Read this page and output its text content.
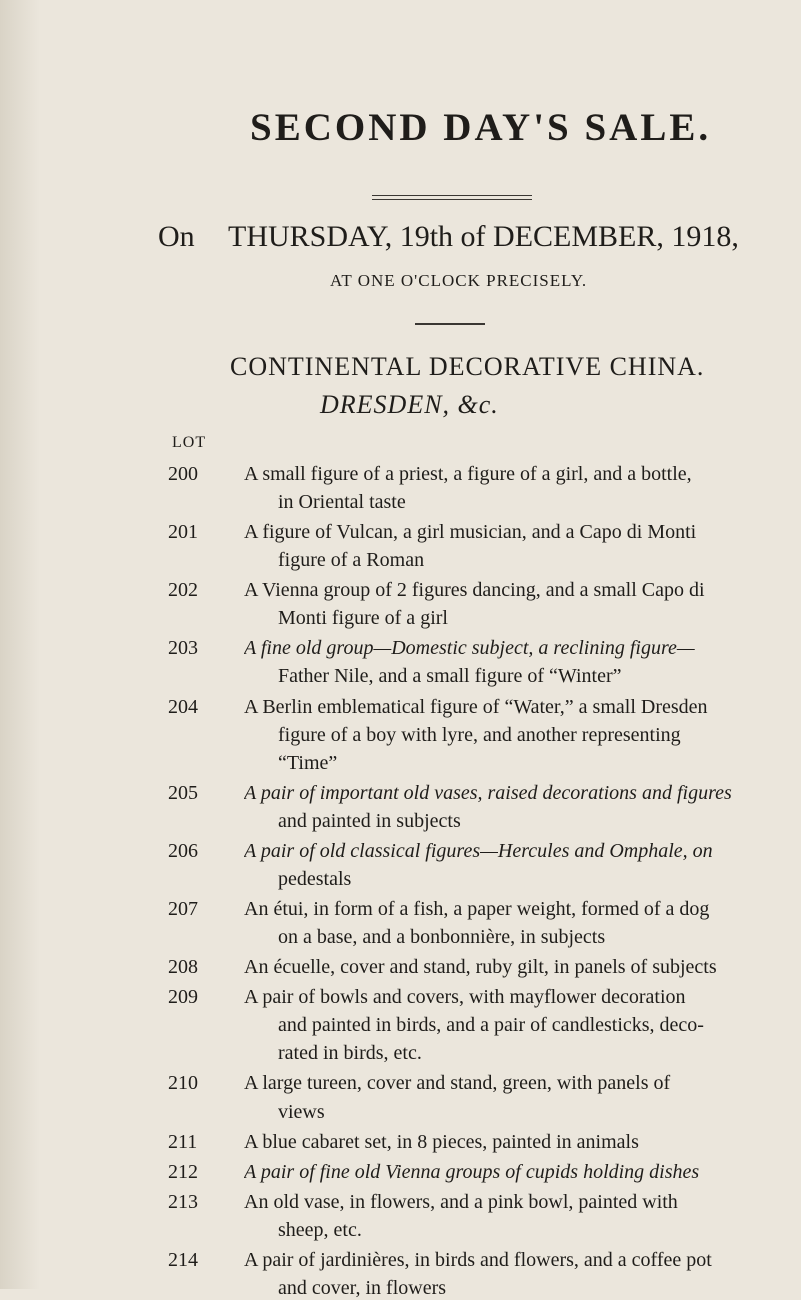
SECOND DAY'S SALE.
On THURSDAY, 19th of DECEMBER, 1918,
AT ONE O'CLOCK PRECISELY.
CONTINENTAL DECORATIVE CHINA.
DRESDEN, &c.
LOT
200	A small figure of a priest, a figure of a girl, and a bottle,
in Oriental taste
201	A figure of Vulcan, a girl musician, and a Capo di Monti
figure of a Roman
202	A Vienna group of 2 figures dancing, and a small Capo di
Monti figure of a girl
203	A fine old group—Domestic subject, a reclining figure—
Father Nile, and a small figure of “Winter”
204	A Berlin emblematical figure of “Water,” a small Dresden
figure of a boy with lyre, and another representing
“Time”
205	A pair of important old vases, raised decorations and figures
and painted in subjects
206	A pair of old classical figures—Hercules and Omphale, on
pedestals
207	An étui, in form of a fish, a paper weight, formed of a dog
on a base, and a bonbonnière, in subjects
208	An écuelle, cover and stand, ruby gilt, in panels of subjects
209	A pair of bowls and covers, with mayflower decoration
and painted in birds, and a pair of candlesticks, deco-
rated in birds, etc.
210	A large tureen, cover and stand, green, with panels of
views
211	A blue cabaret set, in 8 pieces, painted in animals
212	A pair of fine old Vienna groups of cupids holding dishes
213	An old vase, in flowers, and a pink bowl, painted with
sheep, etc.
214	A pair of jardinières, in birds and flowers, and a coffee pot
and cover, in flowers
